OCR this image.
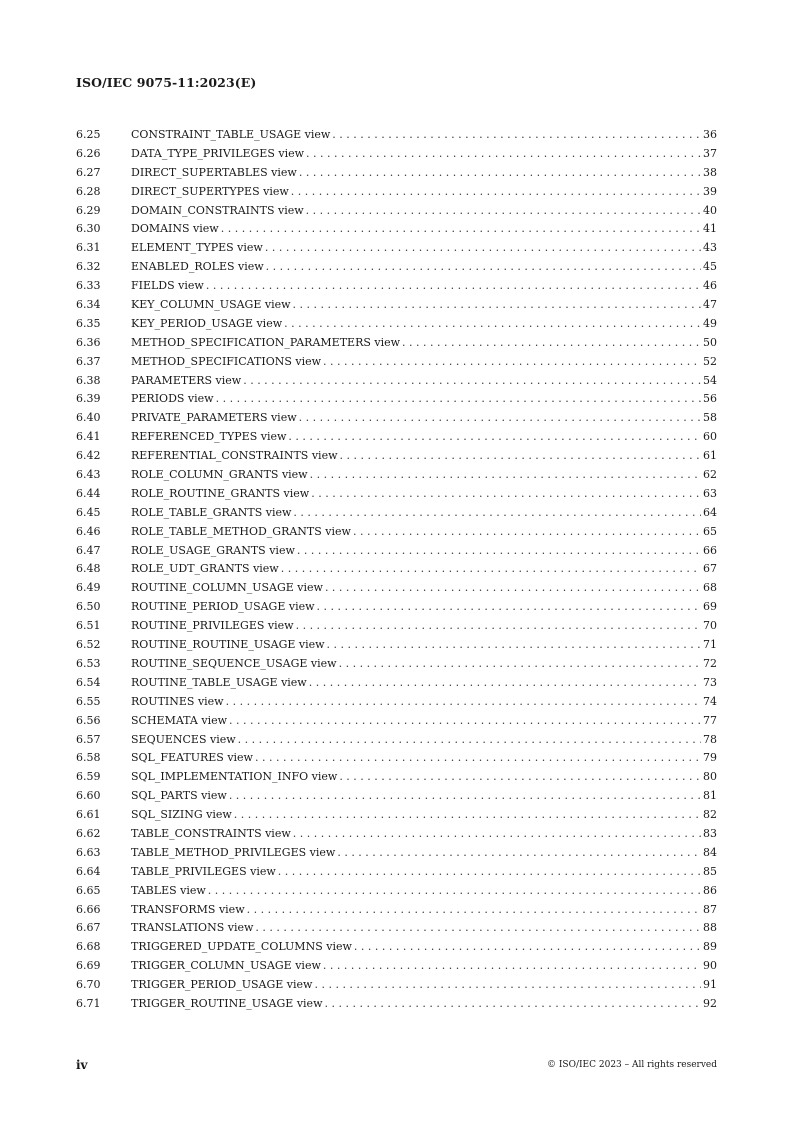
ISO/IEC 9075-11:2023(E)
6.25	CONSTRAINT_TABLE_USAGE view . . .	36
6.26	DATA_TYPE_PRIVILEGES view . . .	37
6.27	DIRECT_SUPERTABLES view . . .	38
6.28	DIRECT_SUPERTYPES view . . .	39
6.29	DOMAIN_CONSTRAINTS view . . .	40
6.30	DOMAINS view . . .	41
6.31	ELEMENT_TYPES view . . .	43
6.32	ENABLED_ROLES view . . .	45
6.33	FIELDS view . . .	46
6.34	KEY_COLUMN_USAGE view . . .	47
6.35	KEY_PERIOD_USAGE view . . .	49
6.36	METHOD_SPECIFICATION_PARAMETERS view . . .	50
6.37	METHOD_SPECIFICATIONS view . . .	52
6.38	PARAMETERS view . . .	54
6.39	PERIODS view . . .	56
6.40	PRIVATE_PARAMETERS view . . .	58
6.41	REFERENCED_TYPES view . . .	60
6.42	REFERENTIAL_CONSTRAINTS view . . .	61
6.43	ROLE_COLUMN_GRANTS view . . .	62
6.44	ROLE_ROUTINE_GRANTS view . . .	63
6.45	ROLE_TABLE_GRANTS view . . .	64
6.46	ROLE_TABLE_METHOD_GRANTS view . . .	65
6.47	ROLE_USAGE_GRANTS view . . .	66
6.48	ROLE_UDT_GRANTS view . . .	67
6.49	ROUTINE_COLUMN_USAGE view . . .	68
6.50	ROUTINE_PERIOD_USAGE view . . .	69
6.51	ROUTINE_PRIVILEGES view . . .	70
6.52	ROUTINE_ROUTINE_USAGE view . . .	71
6.53	ROUTINE_SEQUENCE_USAGE view . . .	72
6.54	ROUTINE_TABLE_USAGE view . . .	73
6.55	ROUTINES view . . .	74
6.56	SCHEMATA view . . .	77
6.57	SEQUENCES view . . .	78
6.58	SQL_FEATURES view . . .	79
6.59	SQL_IMPLEMENTATION_INFO view . . .	80
6.60	SQL_PARTS view . . .	81
6.61	SQL_SIZING view . . .	82
6.62	TABLE_CONSTRAINTS view . . .	83
6.63	TABLE_METHOD_PRIVILEGES view . . .	84
6.64	TABLE_PRIVILEGES view . . .	85
6.65	TABLES view . . .	86
6.66	TRANSFORMS view . . .	87
6.67	TRANSLATIONS view . . .	88
6.68	TRIGGERED_UPDATE_COLUMNS view . . .	89
6.69	TRIGGER_COLUMN_USAGE view . . .	90
6.70	TRIGGER_PERIOD_USAGE view . . .	91
6.71	TRIGGER_ROUTINE_USAGE view . . .	92
iv	© ISO/IEC 2023 – All rights reserved
